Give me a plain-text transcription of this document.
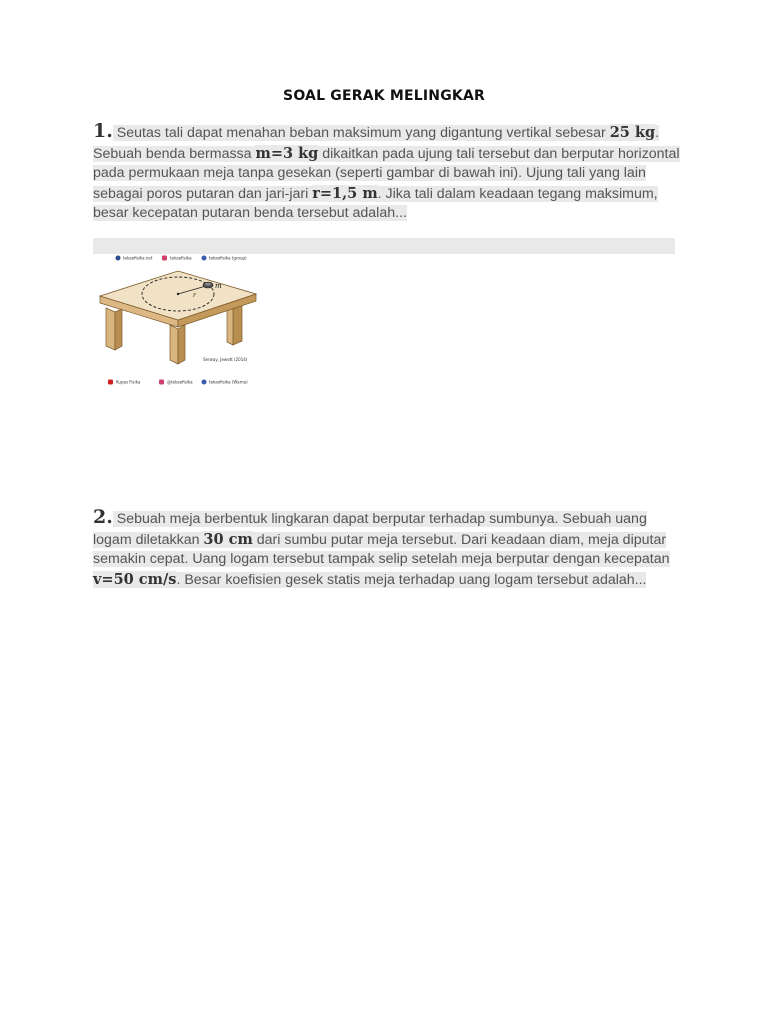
SOAL GERAK MELINGKAR
1. Seutas tali dapat menahan beban maksimum yang digantung vertikal sebesar 25 kg. Sebuah benda bermassa m=3 kg dikaitkan pada ujung tali tersebut dan berputar horizontal pada permukaan meja tanpa gesekan (seperti gambar di bawah ini). Ujung tali yang lain sebagai poros putaran dan jari-jari r=1,5 m. Jika tali dalam keadaan tegang maksimum, besar kecepatan putaran benda tersebut adalah...
tekaofisika.net	tekaofisika	tekaofisika (group)
m
r
Serway, Jewett (2014)
Kupas Fisika	@tekaofisika	tekaofisika (Warna)
2. Sebuah meja berbentuk lingkaran dapat berputar terhadap sumbunya. Sebuah uang logam diletakkan 30 cm dari sumbu putar meja tersebut. Dari keadaan diam, meja diputar semakin cepat. Uang logam tersebut tampak selip setelah meja berputar dengan kecepatan v=50 cm/s. Besar koefisien gesek statis meja terhadap uang logam tersebut adalah...
